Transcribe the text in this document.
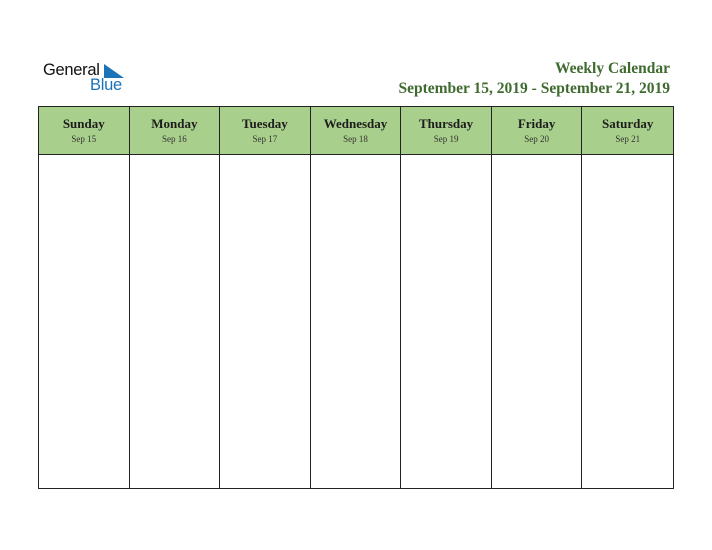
General
Blue
Weekly Calendar
September 15, 2019 - September 21, 2019
Sunday
Sep 15
Monday
Sep 16
Tuesday
Sep 17
Wednesday
Sep 18
Thursday
Sep 19
Friday
Sep 20
Saturday
Sep 21
